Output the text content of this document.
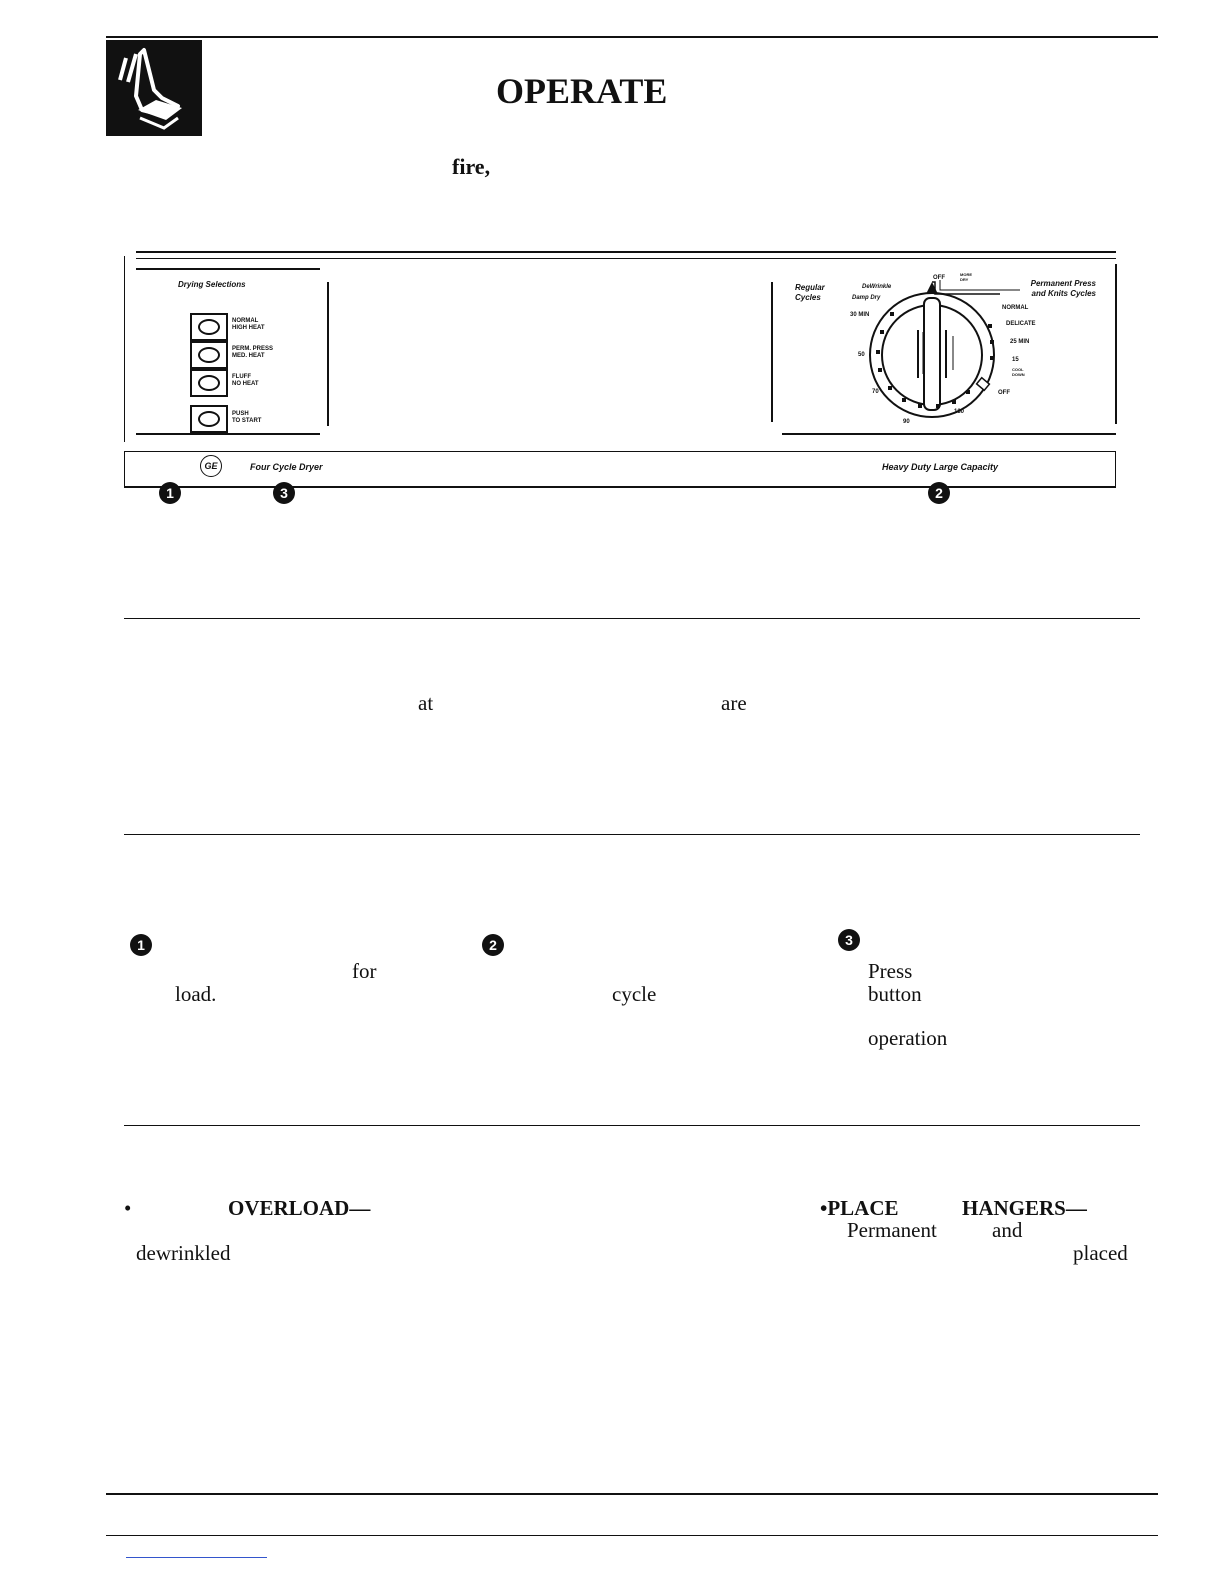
OPERATE
fire,
Drying Selections
NORMAL
HIGH HEAT
PERM. PRESS
MED. HEAT
FLUFF
NO HEAT
PUSH
TO START
Regular Cycles
Permanent Press and Knits Cycles
DeWrinkle
Damp Dry
OFF
MORE DRY
NORMAL
DELICATE
25 MIN
15
COOL DOWN
OFF
30 MIN
50
70
90
130
GE	Four Cycle Dryer	Heavy Duty Large Capacity
1	3	2
at	are
1	2	3
for
load.	cycle
Press
button
operation
•	OVERLOAD—
dewrinkled
•PLACE	HANGERS—
Permanent	and
placed
